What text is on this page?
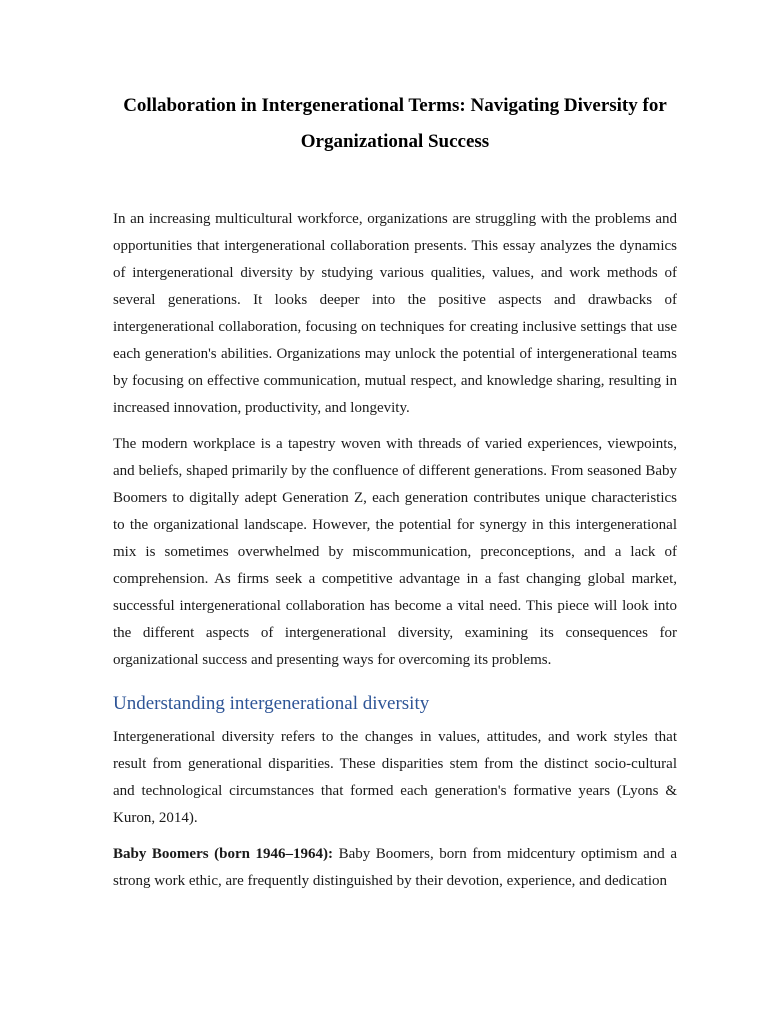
Collaboration in Intergenerational Terms: Navigating Diversity for Organizational Success

In an increasing multicultural workforce, organizations are struggling with the problems and opportunities that intergenerational collaboration presents. This essay analyzes the dynamics of intergenerational diversity by studying various qualities, values, and work methods of several generations. It looks deeper into the positive aspects and drawbacks of intergenerational collaboration, focusing on techniques for creating inclusive settings that use each generation's abilities. Organizations may unlock the potential of intergenerational teams by focusing on effective communication, mutual respect, and knowledge sharing, resulting in increased innovation, productivity, and longevity.

The modern workplace is a tapestry woven with threads of varied experiences, viewpoints, and beliefs, shaped primarily by the confluence of different generations. From seasoned Baby Boomers to digitally adept Generation Z, each generation contributes unique characteristics to the organizational landscape. However, the potential for synergy in this intergenerational mix is sometimes overwhelmed by miscommunication, preconceptions, and a lack of comprehension. As firms seek a competitive advantage in a fast changing global market, successful intergenerational collaboration has become a vital need. This piece will look into the different aspects of intergenerational diversity, examining its consequences for organizational success and presenting ways for overcoming its problems.

Understanding intergenerational diversity

Intergenerational diversity refers to the changes in values, attitudes, and work styles that result from generational disparities. These disparities stem from the distinct socio-cultural and technological circumstances that formed each generation's formative years (Lyons & Kuron, 2014).

Baby Boomers (born 1946–1964): Baby Boomers, born from midcentury optimism and a strong work ethic, are frequently distinguished by their devotion, experience, and dedication
